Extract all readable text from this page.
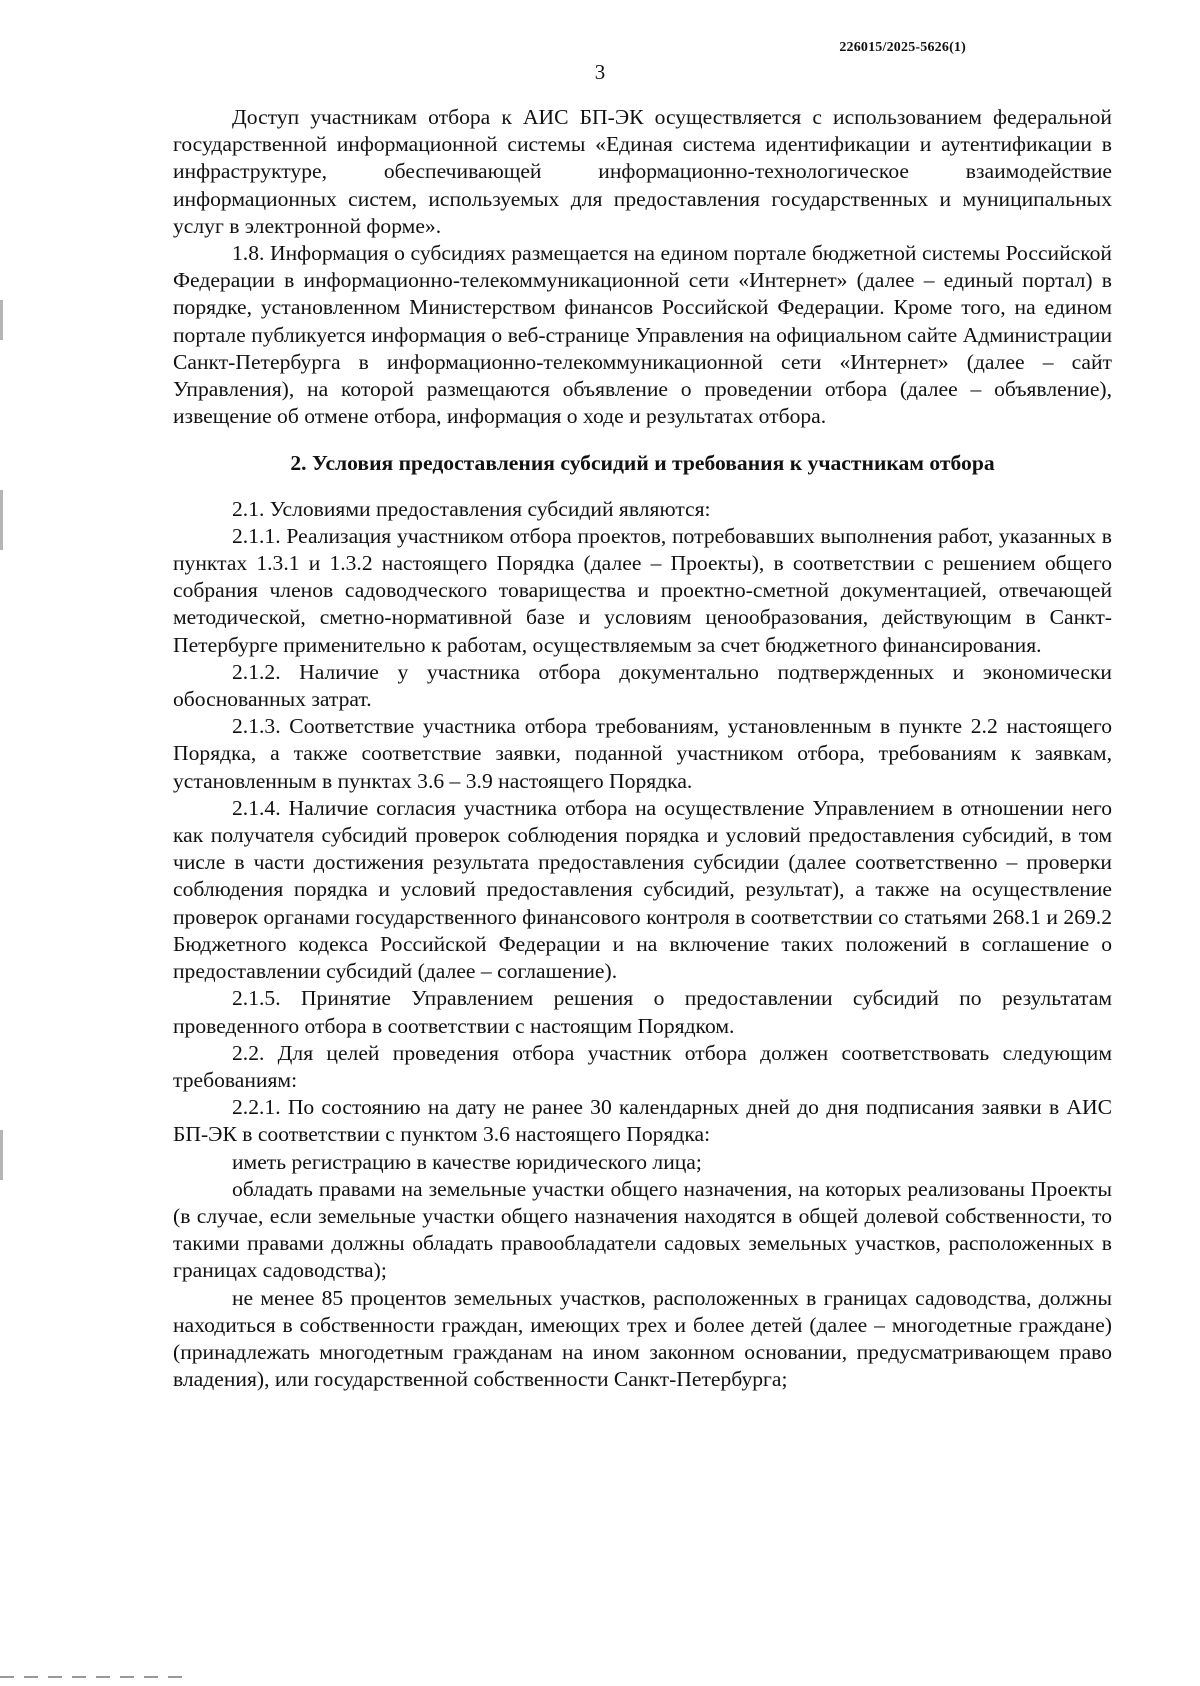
226015/2025-5626(1)
3

Доступ участникам отбора к АИС БП-ЭК осуществляется с использованием федеральной государственной информационной системы «Единая система идентификации и аутентификации в инфраструктуре, обеспечивающей информационно-технологическое взаимодействие информационных систем, используемых для предоставления государственных и муниципальных услуг в электронной форме».

1.8. Информация о субсидиях размещается на едином портале бюджетной системы Российской Федерации в информационно-телекоммуникационной сети «Интернет» (далее – единый портал) в порядке, установленном Министерством финансов Российской Федерации. Кроме того, на едином портале публикуется информация о веб-странице Управления на официальном сайте Администрации Санкт-Петербурга в информационно-телекоммуникационной сети «Интернет» (далее – сайт Управления), на которой размещаются объявление о проведении отбора (далее – объявление), извещение об отмене отбора, информация о ходе и результатах отбора.

2. Условия предоставления субсидий и требования к участникам отбора

2.1. Условиями предоставления субсидий являются:

2.1.1. Реализация участником отбора проектов, потребовавших выполнения работ, указанных в пунктах 1.3.1 и 1.3.2 настоящего Порядка (далее – Проекты), в соответствии с решением общего собрания членов садоводческого товарищества и проектно-сметной документацией, отвечающей методической, сметно-нормативной базе и условиям ценообразования, действующим в Санкт-Петербурге применительно к работам, осуществляемым за счет бюджетного финансирования.

2.1.2. Наличие у участника отбора документально подтвержденных и экономически обоснованных затрат.

2.1.3. Соответствие участника отбора требованиям, установленным в пункте 2.2 настоящего Порядка, а также соответствие заявки, поданной участником отбора, требованиям к заявкам, установленным в пунктах 3.6 – 3.9 настоящего Порядка.

2.1.4. Наличие согласия участника отбора на осуществление Управлением в отношении него как получателя субсидий проверок соблюдения порядка и условий предоставления субсидий, в том числе в части достижения результата предоставления субсидии (далее соответственно – проверки соблюдения порядка и условий предоставления субсидий, результат), а также на осуществление проверок органами государственного финансового контроля в соответствии со статьями 268.1 и 269.2 Бюджетного кодекса Российской Федерации и на включение таких положений в соглашение о предоставлении субсидий (далее – соглашение).

2.1.5. Принятие Управлением решения о предоставлении субсидий по результатам проведенного отбора в соответствии с настоящим Порядком.

2.2. Для целей проведения отбора участник отбора должен соответствовать следующим требованиям:

2.2.1. По состоянию на дату не ранее 30 календарных дней до дня подписания заявки в АИС БП-ЭК в соответствии с пунктом 3.6 настоящего Порядка:

иметь регистрацию в качестве юридического лица;

обладать правами на земельные участки общего назначения, на которых реализованы Проекты (в случае, если земельные участки общего назначения находятся в общей долевой собственности, то такими правами должны обладать правообладатели садовых земельных участков, расположенных в границах садоводства);

не менее 85 процентов земельных участков, расположенных в границах садоводства, должны находиться в собственности граждан, имеющих трех и более детей (далее – многодетные граждане) (принадлежать многодетным гражданам на ином законном основании, предусматривающем право владения), или государственной собственности Санкт-Петербурга;
